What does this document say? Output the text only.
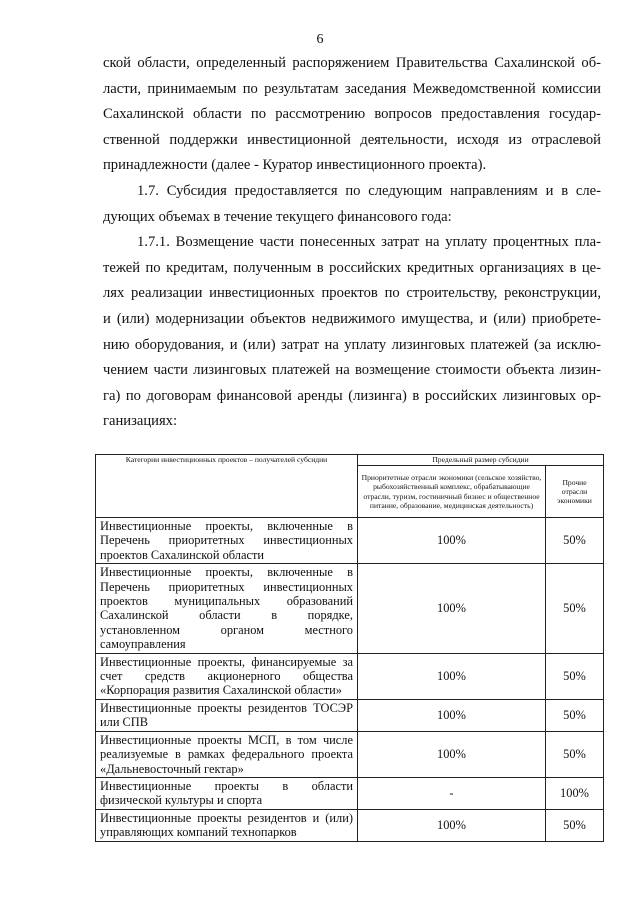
6
ской области, определенный распоряжением Правительства Сахалинской об-
ласти, принимаемым по результатам заседания Межведомственной комиссии
Сахалинской области по рассмотрению вопросов предоставления государ-
ственной поддержки инвестиционной деятельности, исходя из отраслевой
принадлежности (далее - Куратор инвестиционного проекта).
1.7. Субсидия предоставляется по следующим направлениям и в сле-
дующих объемах в течение текущего финансового года:
1.7.1. Возмещение части понесенных затрат на уплату процентных пла-
тежей по кредитам, полученным в российских кредитных организациях в це-
лях реализации инвестиционных проектов по строительству, реконструкции,
и (или) модернизации объектов недвижимого имущества, и (или) приобрете-
нию оборудования, и (или) затрат на уплату лизинговых платежей (за исклю-
чением части лизинговых платежей на возмещение стоимости объекта лизин-
га) по договорам финансовой аренды (лизинга) в российских лизинговых ор-
ганизациях:
Категории инвестиционных проектов – получателей субсидии	Предельный размер субсидии	
	Приоритетные отрасли экономики (сельское хозяйство, рыбохозяйственный комплекс, обрабатывающие отрасли, туризм, гостиничный бизнес и общественное питание, образование, медицинская деятельность)	Прочие отрасли экономики
Инвестиционные проекты, включенные в Перечень приоритетных инвестиционных проектов Сахалинской области	100%	50%
Инвестиционные проекты, включенные в Перечень приоритетных инвестиционных проектов муниципальных образований Сахалинской области в порядке, установленном органом местного самоуправления	100%	50%
Инвестиционные проекты, финансируемые за счет средств акционерного общества «Корпорация развития Сахалинской области»	100%	50%
Инвестиционные проекты резидентов ТОСЭР или СПВ	100%	50%
Инвестиционные проекты МСП, в том числе реализуемые в рамках федерального проекта «Дальневосточный гектар»	100%	50%
Инвестиционные проекты в области физической культуры и спорта	-	100%
Инвестиционные проекты резидентов и (или) управляющих компаний технопарков	100%	50%
